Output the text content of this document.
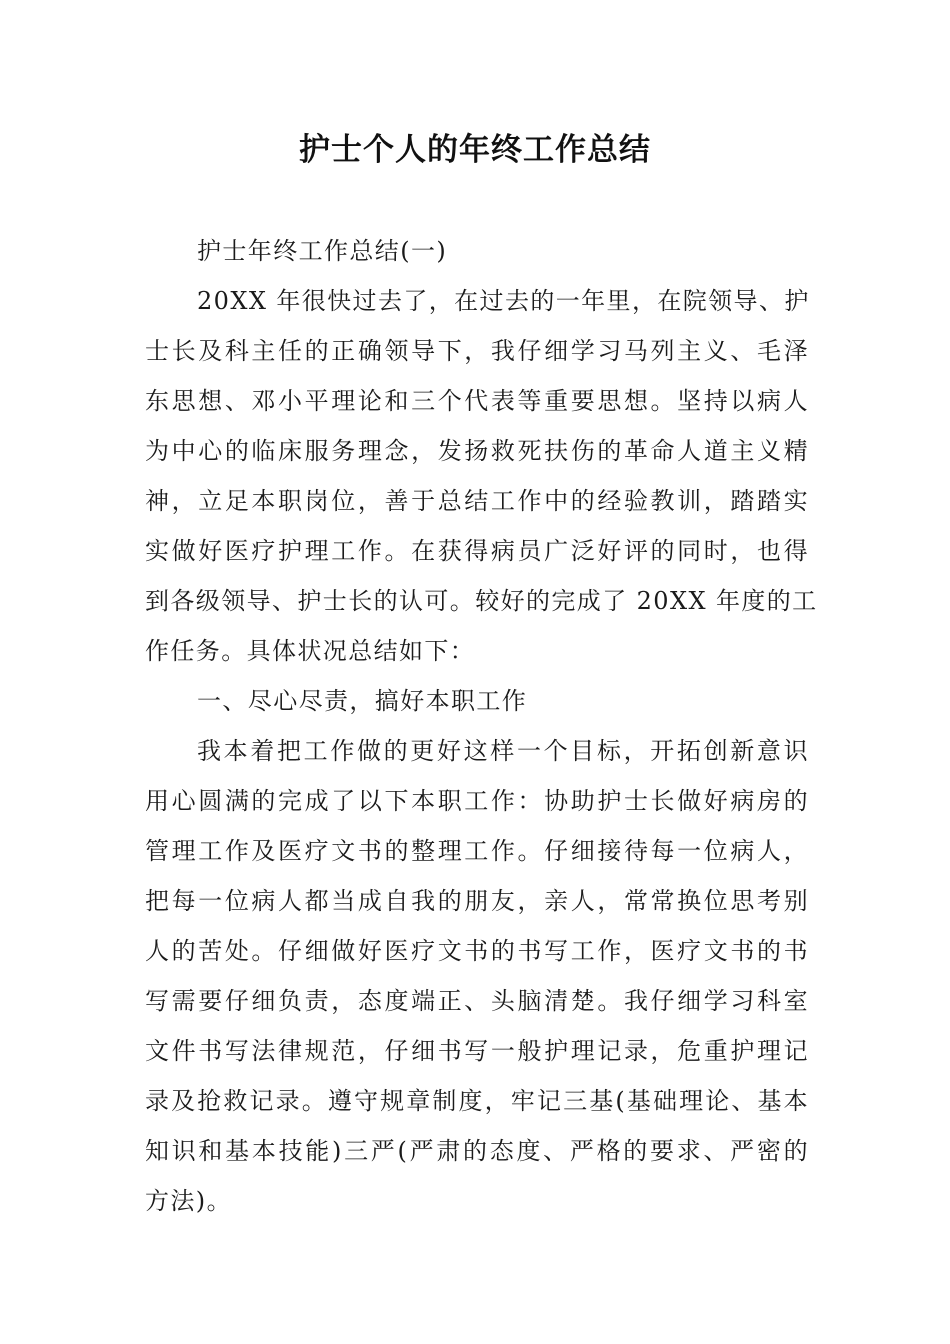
护士个人的年终工作总结
护士年终工作总结(一)
20XX 年很快过去了，在过去的一年里，在院领导、护
士长及科主任的正确领导下，我仔细学习马列主义、毛泽
东思想、邓小平理论和三个代表等重要思想。坚持以病人
为中心的临床服务理念，发扬救死扶伤的革命人道主义精
神，立足本职岗位，善于总结工作中的经验教训，踏踏实
实做好医疗护理工作。在获得病员广泛好评的同时，也得
到各级领导、护士长的认可。较好的完成了 20XX 年度的工
作任务。具体状况总结如下：
一、尽心尽责，搞好本职工作
我本着把工作做的更好这样一个目标，开拓创新意识
用心圆满的完成了以下本职工作：协助护士长做好病房的
管理工作及医疗文书的整理工作。仔细接待每一位病人，
把每一位病人都当成自我的朋友，亲人，常常换位思考别
人的苦处。仔细做好医疗文书的书写工作，医疗文书的书
写需要仔细负责，态度端正、头脑清楚。我仔细学习科室
文件书写法律规范，仔细书写一般护理记录，危重护理记
录及抢救记录。遵守规章制度，牢记三基(基础理论、基本
知识和基本技能)三严(严肃的态度、严格的要求、严密的
方法)。
